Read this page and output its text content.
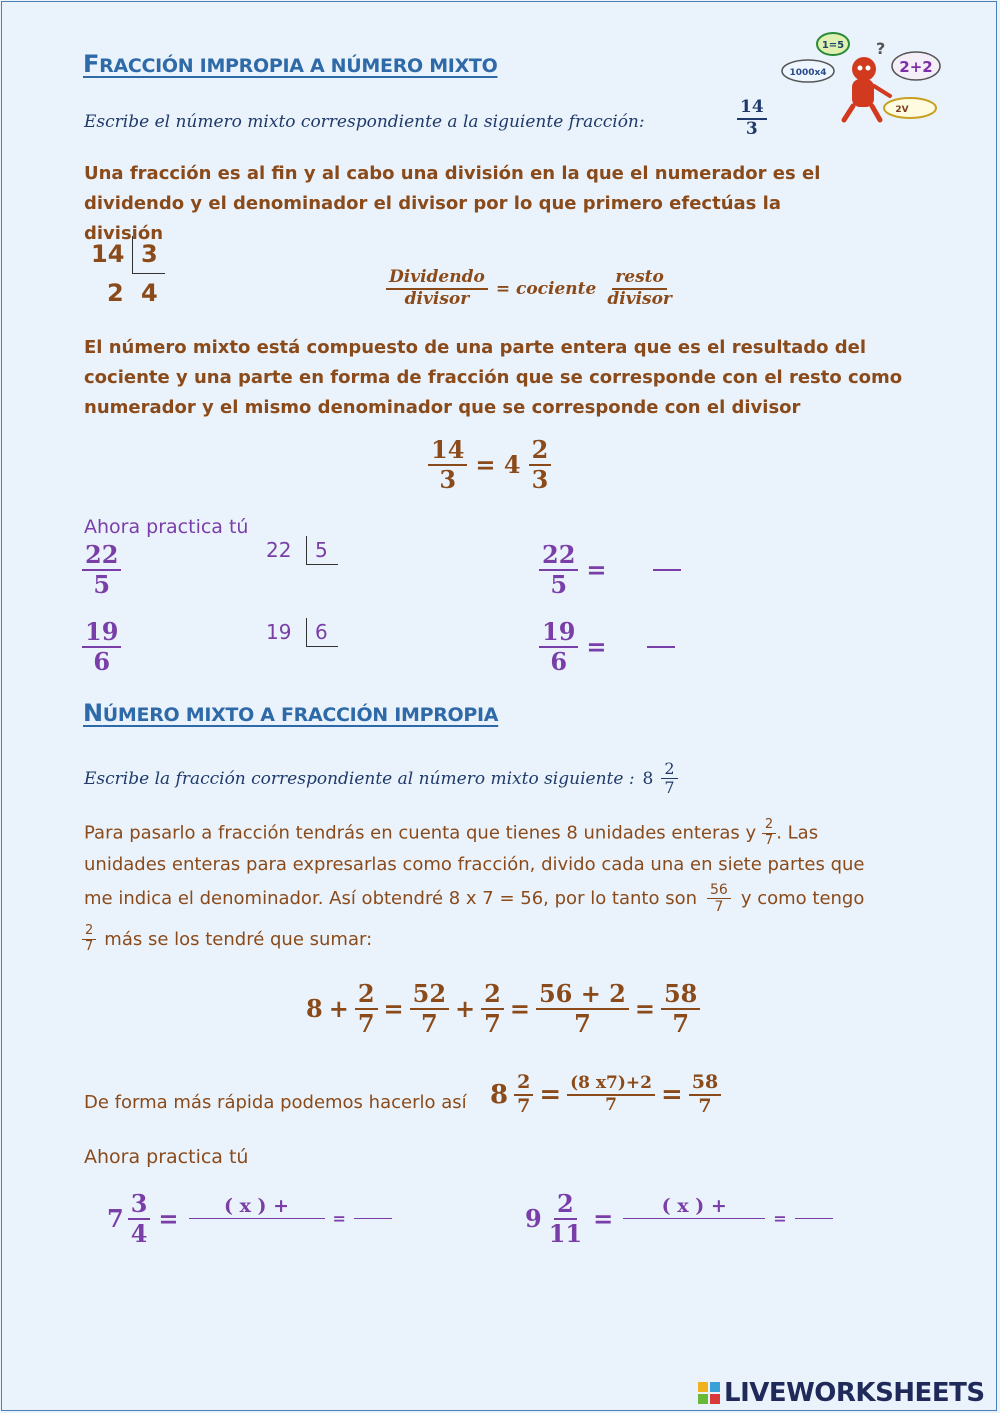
FRACCIÓN IMPROPIA A NÚMERO MIXTO
1=5
1000x4	2+2
2V
?
Escribe el número mixto correspondiente a la siguiente fracción:	$\frac{14}{3}$
Una fracción es al fin y al cabo una división en la que el numerador es el dividendo y el denominador el divisor por lo que primero efectúas la división
14 3
2 4	$\frac{\text{Dividendo}}{\text{divisor}}$ = cociente $\frac{\text{resto}}{\text{divisor}}$
El número mixto está compuesto de una parte entera que es el resultado del cociente y una parte en forma de fracción que se corresponde con el resto como numerador y el mismo denominador que se corresponde con el divisor
$\frac{14}{3} = 4 \frac{2}{3}$
Ahora practica tú
$\frac{22}{5}$	22 5	$\frac{22}{5}$ =
$\frac{19}{6}$	19 6	$\frac{19}{6}$ =
NÚMERO MIXTO A FRACCIÓN IMPROPIA
Escribe la fracción correspondiente al número mixto siguiente : $8 \frac{2}{7}$
Para pasarlo a fracción tendrás en cuenta que tienes 8 unidades enteras y $\frac{2}{7}$ . Las
unidades enteras para expresarlas como fracción, divido cada una en siete partes que
me indica el denominador. Así obtendré 8 x 7 = 56, por lo tanto son $\frac{56}{7}$ y como tengo
$\frac{2}{7}$ más se los tendré que sumar:
$8 + \frac{2}{7} = \frac{52}{7} + \frac{2}{7} = \frac{56 + 2}{7} = \frac{58}{7}$
De forma más rápida podemos hacerlo así $8 \frac{2}{7} = \frac{(8 x7)+2}{7} = \frac{58}{7}$
Ahora practica tú
$7 \frac{3}{4}$ =	( x ) +

=	$9 \frac{2}{11}$ =	( x ) +

=
LIVEWORKSHEETS
